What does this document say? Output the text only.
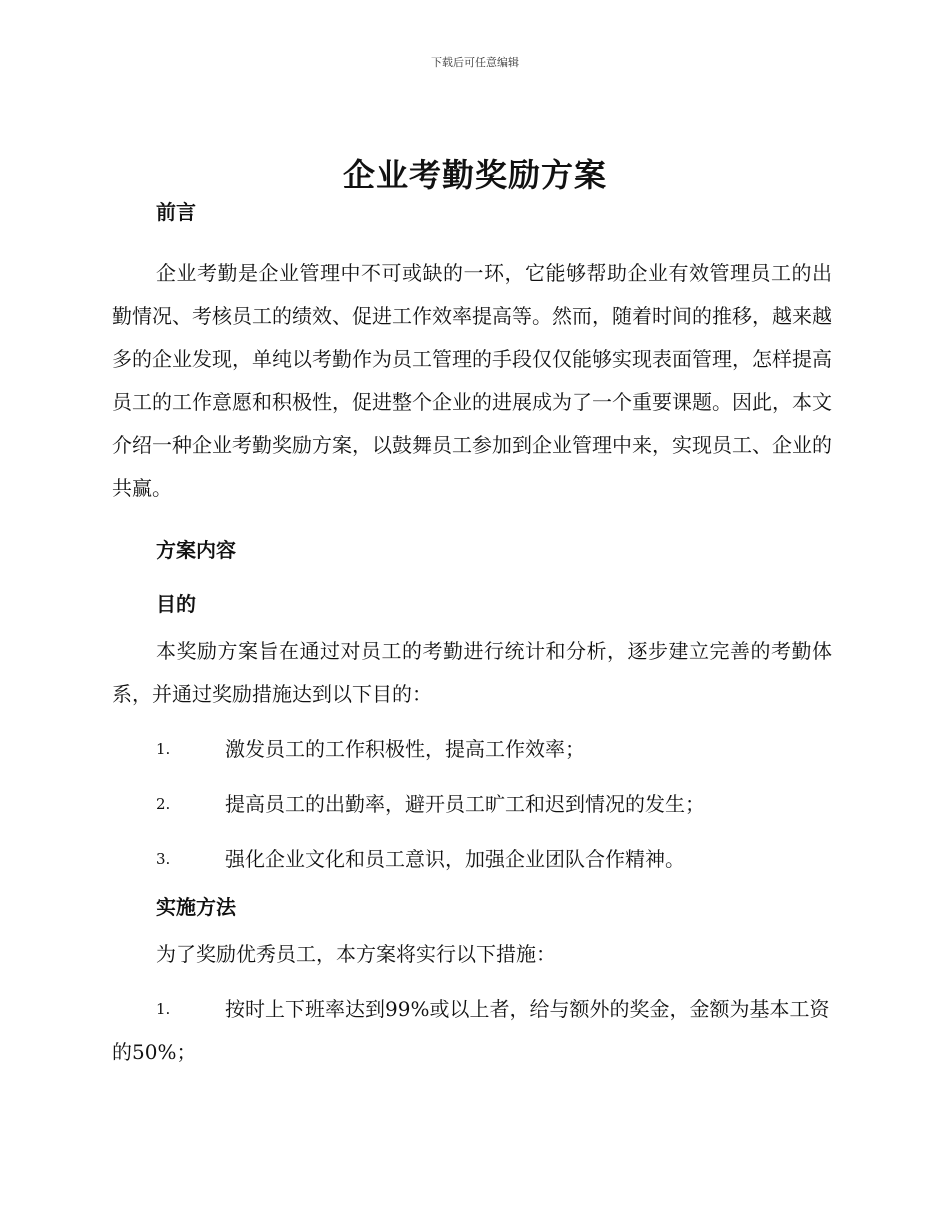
下载后可任意编辑
企业考勤奖励方案
前言

企业考勤是企业管理中不可或缺的一环，它能够帮助企业有效管理员工的出勤情况、考核员工的绩效、促进工作效率提高等。然而，随着时间的推移，越来越多的企业发现，单纯以考勤作为员工管理的手段仅仅能够实现表面管理，怎样提高员工的工作意愿和积极性，促进整个企业的进展成为了一个重要课题。因此，本文介绍一种企业考勤奖励方案，以鼓舞员工参加到企业管理中来，实现员工、企业的共赢。

方案内容
目的

本奖励方案旨在通过对员工的考勤进行统计和分析，逐步建立完善的考勤体系，并通过奖励措施达到以下目的：

1.	激发员工的工作积极性，提高工作效率；
2.	提高员工的出勤率，避开员工旷工和迟到情况的发生；
3.	强化企业文化和员工意识，加强企业团队合作精神。
实施方法

为了奖励优秀员工，本方案将实行以下措施：

1.	按时上下班率达到99%或以上者，给与额外的奖金，金额为基本工资的50%；
